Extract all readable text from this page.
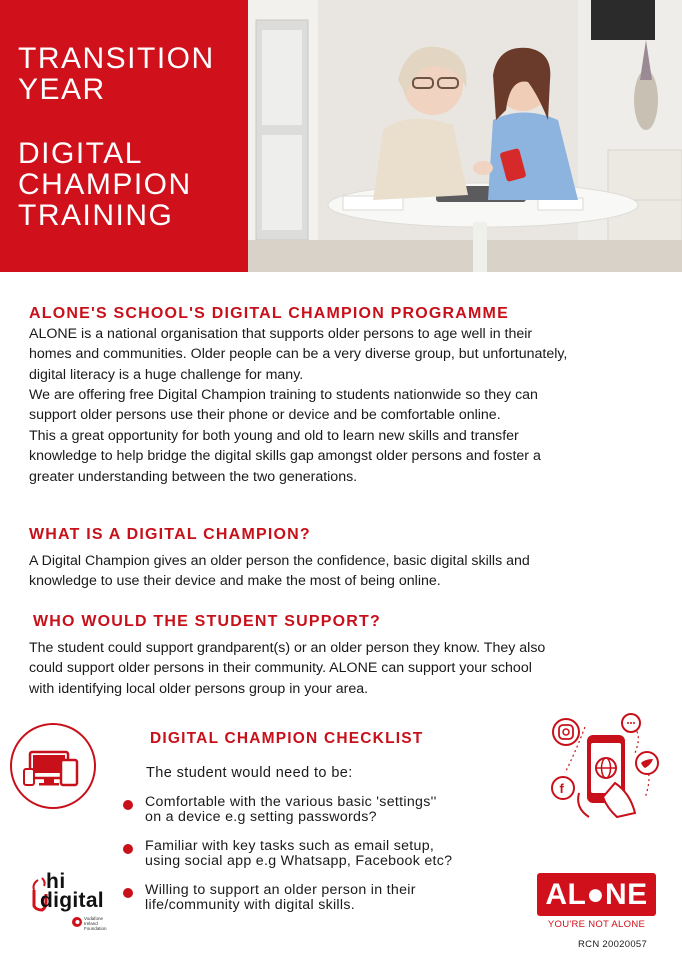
TRANSITION
YEAR
DIGITAL
CHAMPION
TRAINING
ALONE'S SCHOOL'S DIGITAL CHAMPION PROGRAMME
ALONE is a national organisation that supports older persons to age well in their
homes and communities. Older people can be a very diverse group, but unfortunately,
digital literacy is a huge challenge for many.
We are offering free Digital Champion training to students nationwide so they can
support older persons use their phone or device and be comfortable online.
This a great opportunity for both young and old to learn new skills and transfer
knowledge to help bridge the digital skills gap amongst older persons and foster a
greater understanding between the two generations.
WHAT IS A DIGITAL CHAMPION?
A Digital Champion gives an older person the confidence, basic digital skills and
knowledge to use their device and make the most of being online.
WHO WOULD THE STUDENT SUPPORT?
The student could support grandparent(s) or an older person they know. They also
could support older persons in their community. ALONE can support your school
with identifying local older persons group in your area.
DIGITAL CHAMPION CHECKLIST
The student would need to be:
Comfortable with the various basic 'settings''
on a device e.g setting passwords?
Familiar with key tasks such as email setup,
using social app e.g Whatsapp, Facebook etc?
Willing to support an older person in their
life/community with digital skills.
f
hi
digital
Vodafone
Ireland
Foundation
AL●NE
YOU'RE NOT ALONE
RCN 20020057
